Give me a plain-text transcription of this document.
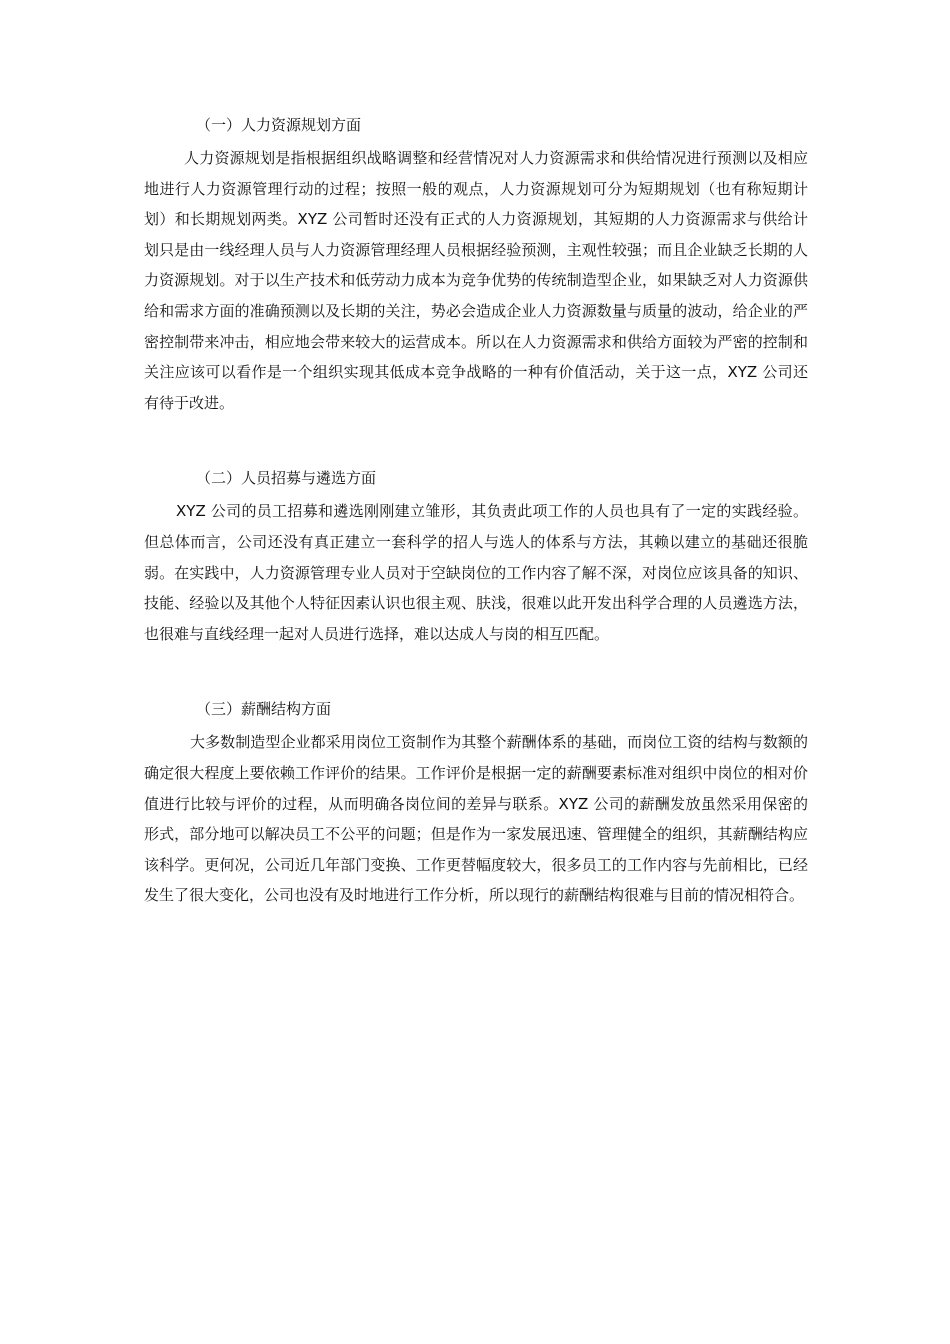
（一）人力资源规划方面

人力资源规划是指根据组织战略调整和经营情况对人力资源需求和供给情况进行预测以及相应地进行人力资源管理行动的过程；按照一般的观点，人力资源规划可分为短期规划（也有称短期计划）和长期规划两类。XYZ 公司暂时还没有正式的人力资源规划，其短期的人力资源需求与供给计划只是由一线经理人员与人力资源管理经理人员根据经验预测，主观性较强；而且企业缺乏长期的人力资源规划。对于以生产技术和低劳动力成本为竞争优势的传统制造型企业，如果缺乏对人力资源供给和需求方面的准确预测以及长期的关注，势必会造成企业人力资源数量与质量的波动，给企业的严密控制带来冲击，相应地会带来较大的运营成本。所以在人力资源需求和供给方面较为严密的控制和关注应该可以看作是一个组织实现其低成本竞争战略的一种有价值活动，关于这一点，XYZ 公司还有待于改进。

（二）人员招募与遴选方面

XYZ 公司的员工招募和遴选刚刚建立雏形，其负责此项工作的人员也具有了一定的实践经验。但总体而言，公司还没有真正建立一套科学的招人与选人的体系与方法，其赖以建立的基础还很脆弱。在实践中，人力资源管理专业人员对于空缺岗位的工作内容了解不深，对岗位应该具备的知识、技能、经验以及其他个人特征因素认识也很主观、肤浅，很难以此开发出科学合理的人员遴选方法，也很难与直线经理一起对人员进行选择，难以达成人与岗的相互匹配。

（三）薪酬结构方面

大多数制造型企业都采用岗位工资制作为其整个薪酬体系的基础，而岗位工资的结构与数额的确定很大程度上要依赖工作评价的结果。工作评价是根据一定的薪酬要素标准对组织中岗位的相对价值进行比较与评价的过程，从而明确各岗位间的差异与联系。XYZ 公司的薪酬发放虽然采用保密的形式，部分地可以解决员工不公平的问题；但是作为一家发展迅速、管理健全的组织，其薪酬结构应该科学。更何况，公司近几年部门变换、工作更替幅度较大，很多员工的工作内容与先前相比，已经发生了很大变化，公司也没有及时地进行工作分析，所以现行的薪酬结构很难与目前的情况相符合。
